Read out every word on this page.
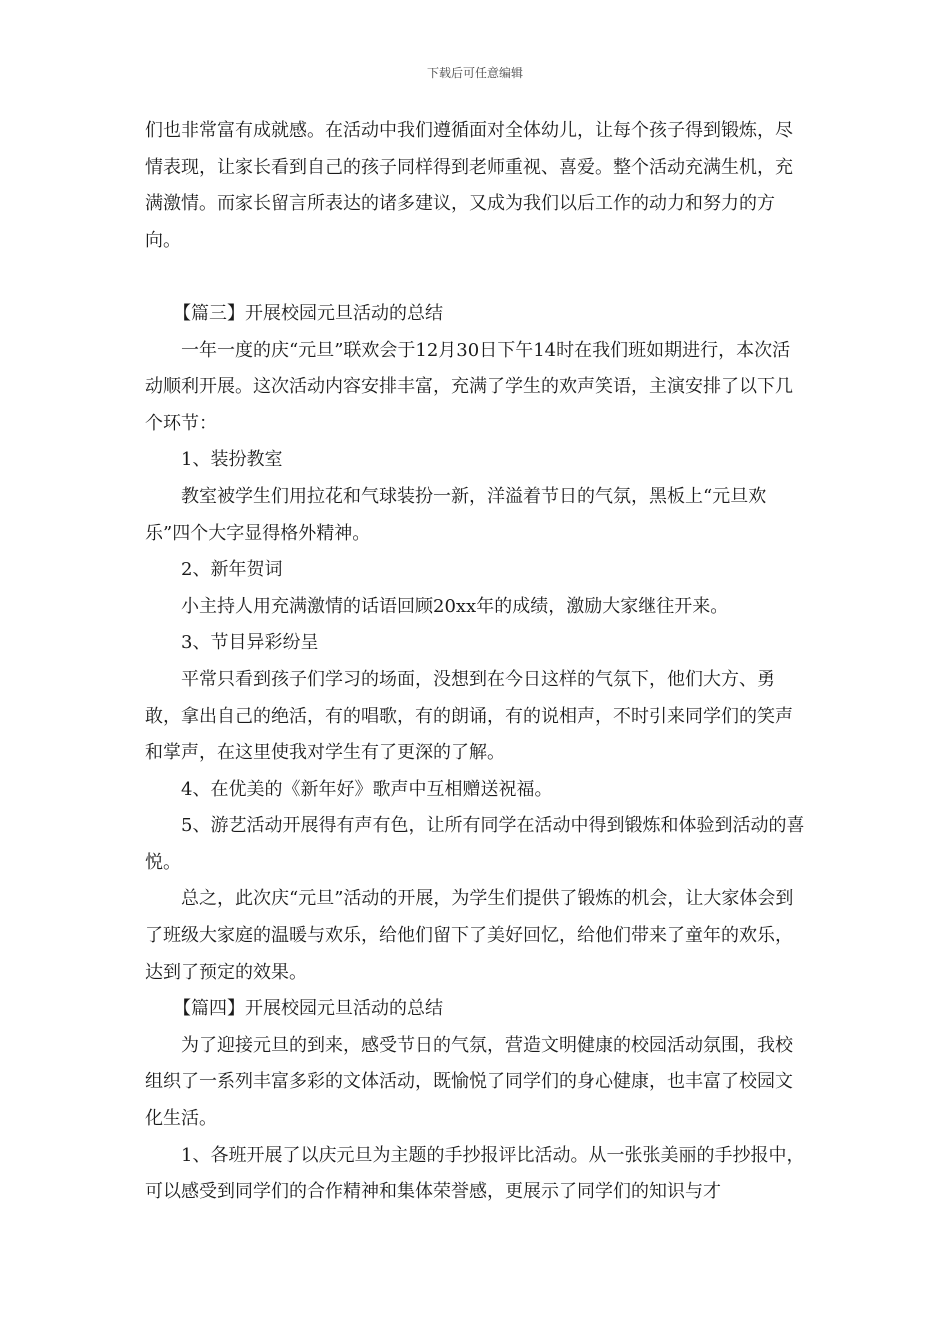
下载后可任意编辑

们也非常富有成就感。在活动中我们遵循面对全体幼儿，让每个孩子得到锻炼，尽情表现，让家长看到自己的孩子同样得到老师重视、喜爱。整个活动充满生机，充满激情。而家长留言所表达的诸多建议，又成为我们以后工作的动力和努力的方向。

【篇三】开展校园元旦活动的总结

一年一度的庆“元旦”联欢会于12月30日下午14时在我们班如期进行，本次活动顺利开展。这次活动内容安排丰富，充满了学生的欢声笑语，主演安排了以下几个环节：

1、装扮教室

教室被学生们用拉花和气球装扮一新，洋溢着节日的气氛，黑板上“元旦欢乐”四个大字显得格外精神。

2、新年贺词

小主持人用充满激情的话语回顾20xx年的成绩，激励大家继往开来。

3、节目异彩纷呈

平常只看到孩子们学习的场面，没想到在今日这样的气氛下，他们大方、勇敢，拿出自己的绝活，有的唱歌，有的朗诵，有的说相声，不时引来同学们的笑声和掌声，在这里使我对学生有了更深的了解。

4、在优美的《新年好》歌声中互相赠送祝福。

5、游艺活动开展得有声有色，让所有同学在活动中得到锻炼和体验到活动的喜悦。

总之，此次庆“元旦”活动的开展，为学生们提供了锻炼的机会，让大家体会到了班级大家庭的温暖与欢乐，给他们留下了美好回忆，给他们带来了童年的欢乐，达到了预定的效果。

【篇四】开展校园元旦活动的总结

为了迎接元旦的到来，感受节日的气氛，营造文明健康的校园活动氛围，我校组织了一系列丰富多彩的文体活动，既愉悦了同学们的身心健康，也丰富了校园文化生活。

1、各班开展了以庆元旦为主题的手抄报评比活动。从一张张美丽的手抄报中，可以感受到同学们的合作精神和集体荣誉感，更展示了同学们的知识与才
